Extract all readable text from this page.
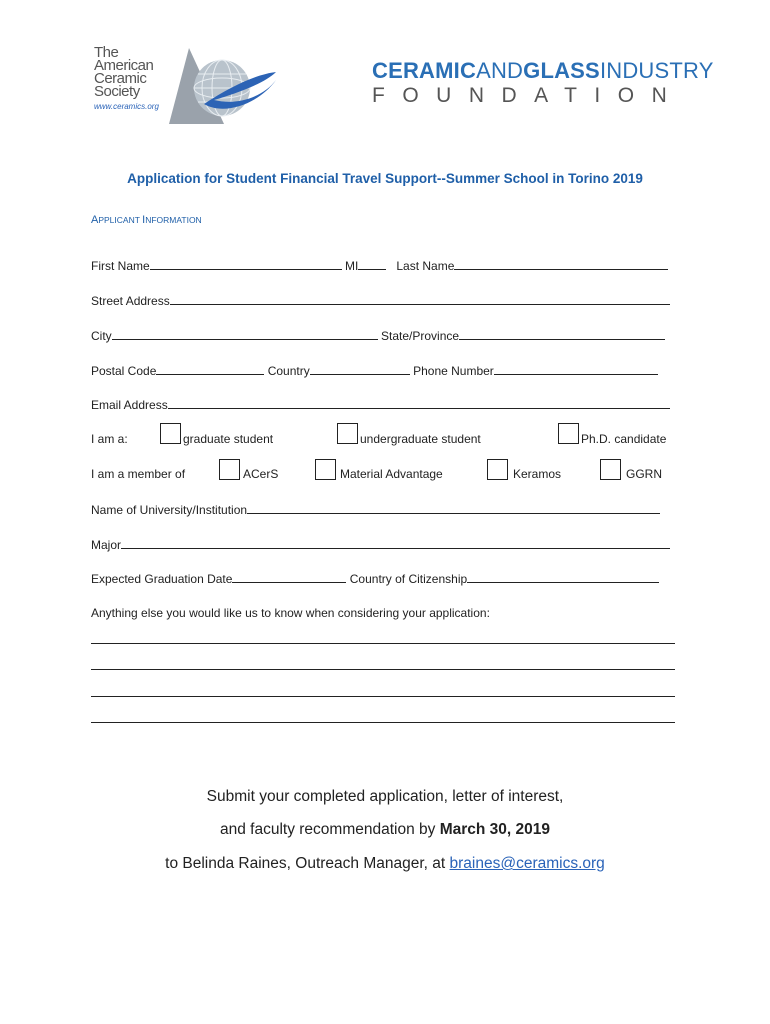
The
American
Ceramic
Society
www.ceramics.org
CERAMICANDGLASSINDUSTRY
FOUNDATION
Application for Student Financial Travel Support--Summer School in Torino 2019
APPLICANT INFORMATION
First Name	MI	Last Name
Street Address
City	State/Province
Postal Code	Country	Phone Number
Email Address
I am a:	graduate student	undergraduate student	Ph.D. candidate
I am a member of	ACerS	Material Advantage	Keramos	GGRN
Name of University/Institution
Major
Expected Graduation Date	Country of Citizenship
Anything else you would like us to know when considering your application:
Submit your completed application, letter of interest,
and faculty recommendation by March 30, 2019
to Belinda Raines, Outreach Manager, at braines@ceramics.org
